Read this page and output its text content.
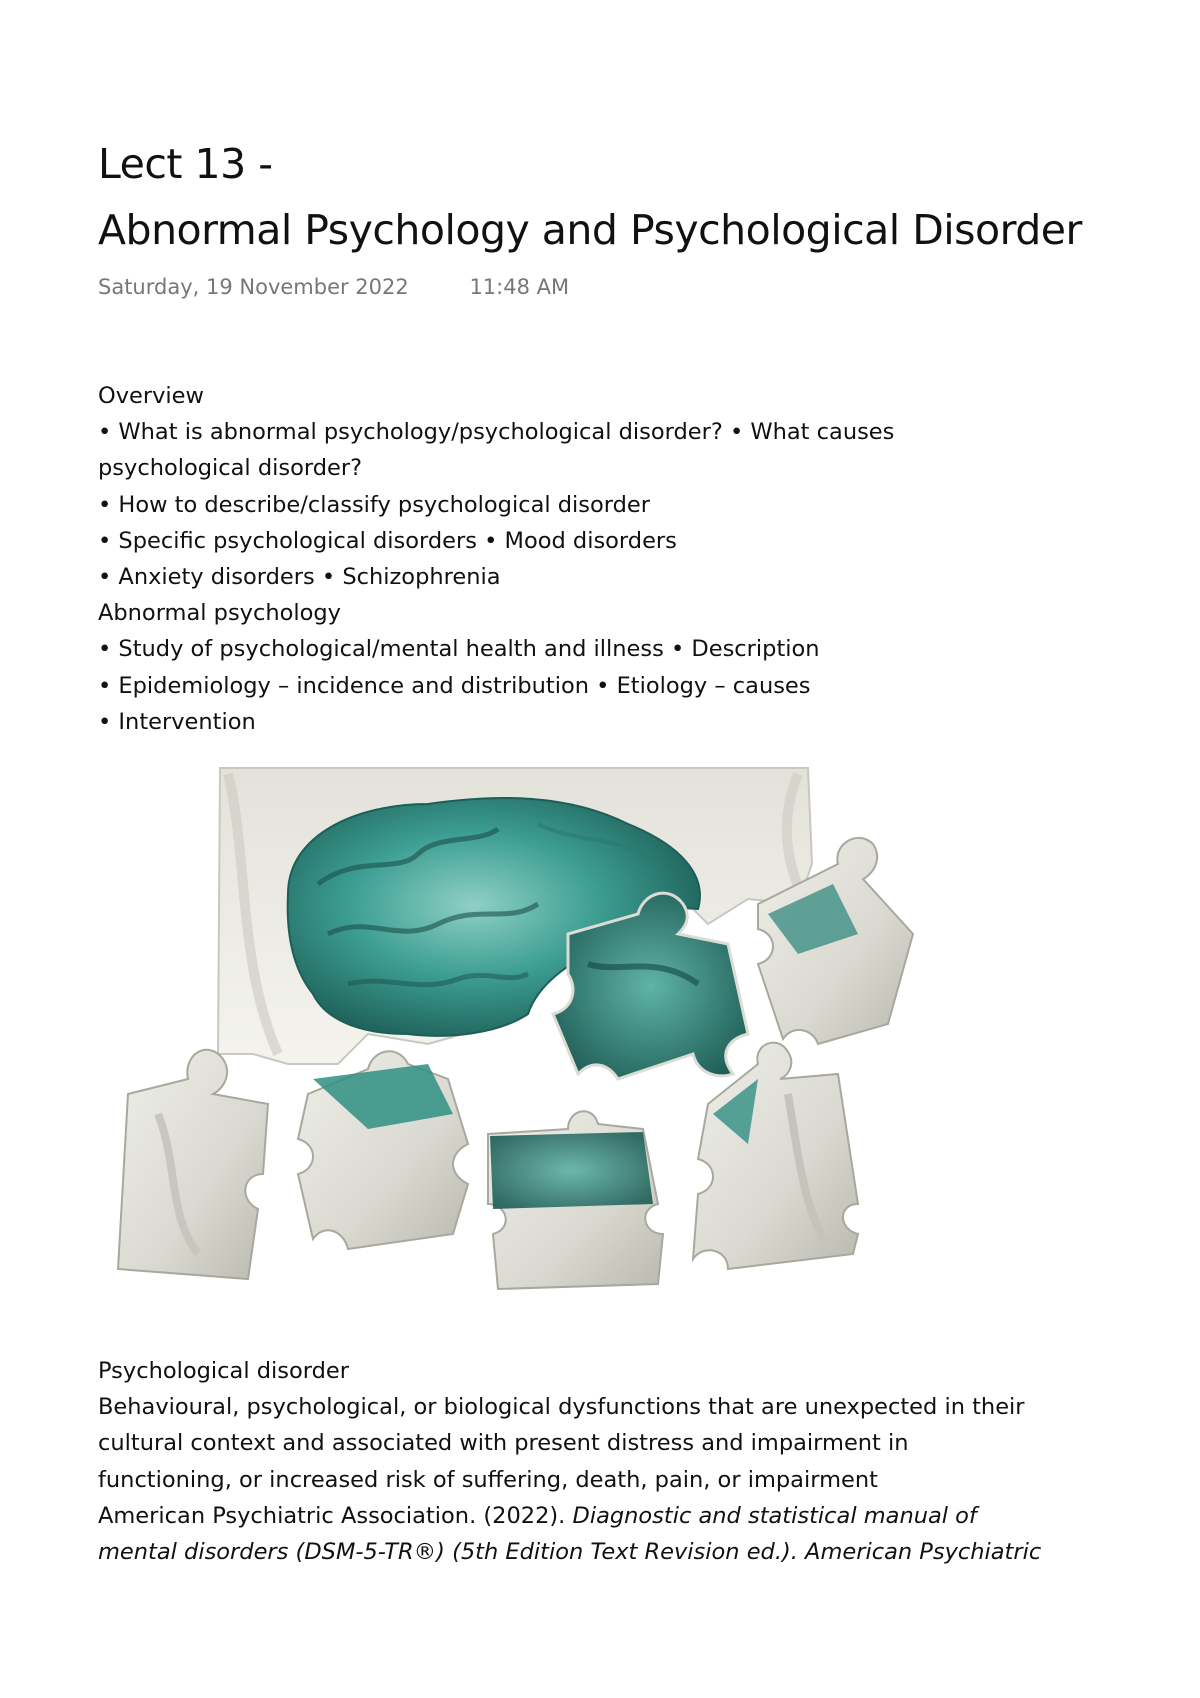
Lect 13 -
Abnormal Psychology and Psychological Disorder
Saturday, 19 November 2022	11:48 AM

Overview

• What is abnormal psychology/psychological disorder? • What causes

psychological disorder?

• How to describe/classify psychological disorder

• Specific psychological disorders • Mood disorders

• Anxiety disorders • Schizophrenia

Abnormal psychology

• Study of psychological/mental health and illness • Description

• Epidemiology – incidence and distribution • Etiology – causes

• Intervention

Psychological disorder

Behavioural, psychological, or biological dysfunctions that are unexpected in their

cultural context and associated with present distress and impairment in

functioning, or increased risk of suffering, death, pain, or impairment

American Psychiatric Association. (2022). Diagnostic and statistical manual of

mental disorders (DSM-5-TR®) (5th Edition Text Revision ed.). American Psychiatric
